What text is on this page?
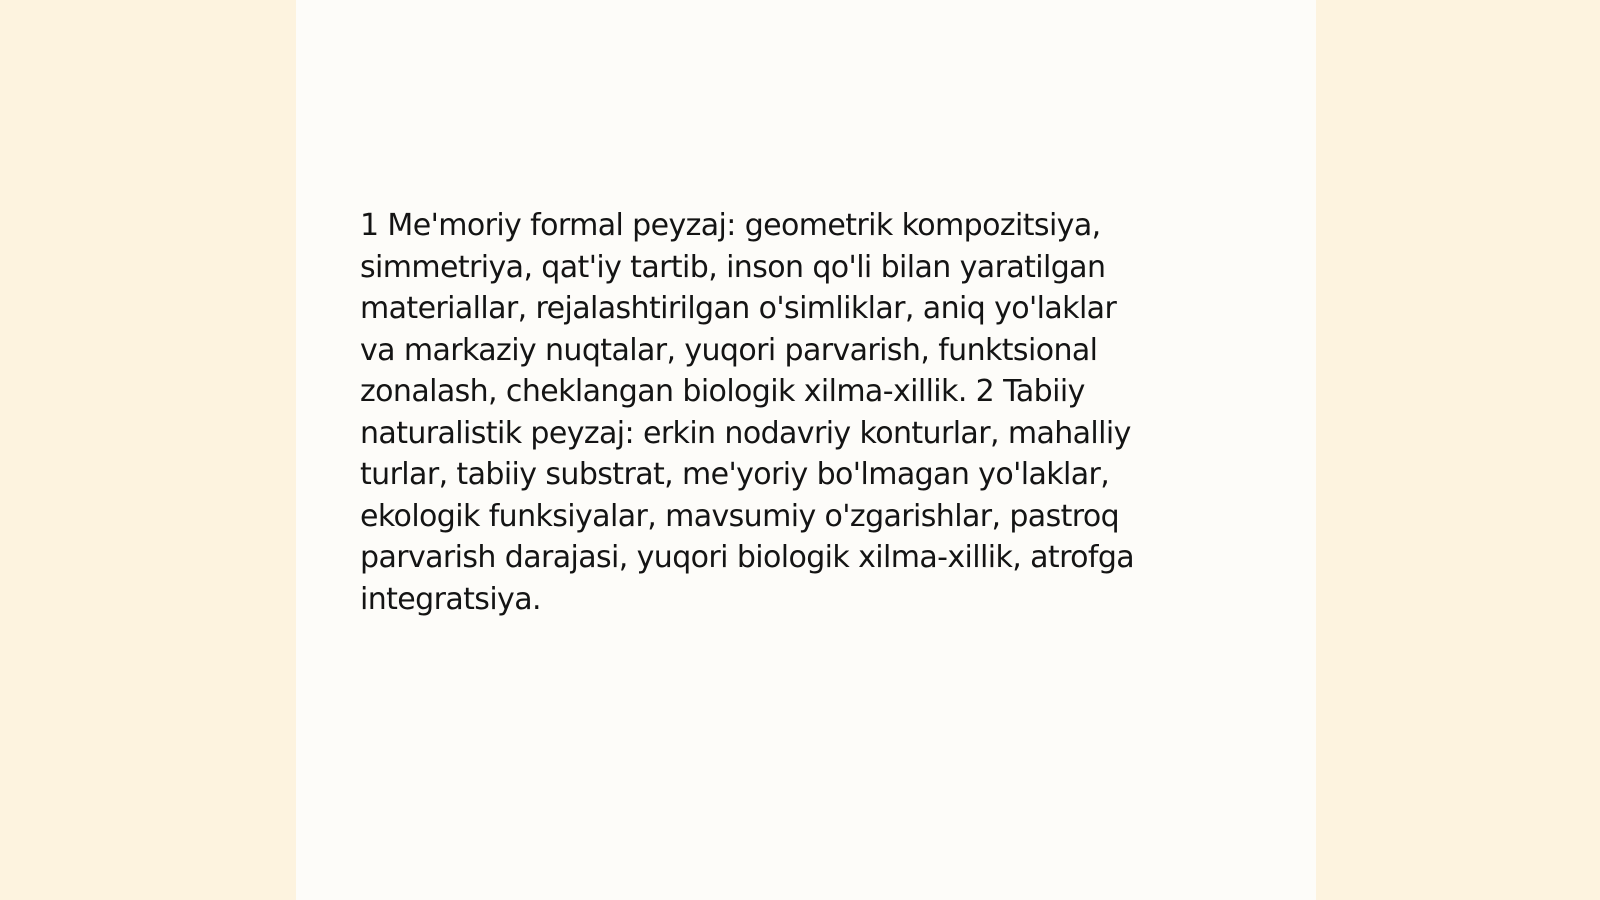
1 Me'moriy formal peyzaj: geometrik kompozitsiya,
simmetriya, qat'iy tartib, inson qo'li bilan yaratilgan
materiallar, rejalashtirilgan o'simliklar, aniq yo'laklar
va markaziy nuqtalar, yuqori parvarish, funktsional
zonalash, cheklangan biologik xilma-xillik. 2 Tabiiy
naturalistik peyzaj: erkin nodavriy konturlar, mahalliy
turlar, tabiiy substrat, me'yoriy bo'lmagan yo'laklar,
ekologik funksiyalar, mavsumiy o'zgarishlar, pastroq
parvarish darajasi, yuqori biologik xilma-xillik, atrofga
integratsiya.
